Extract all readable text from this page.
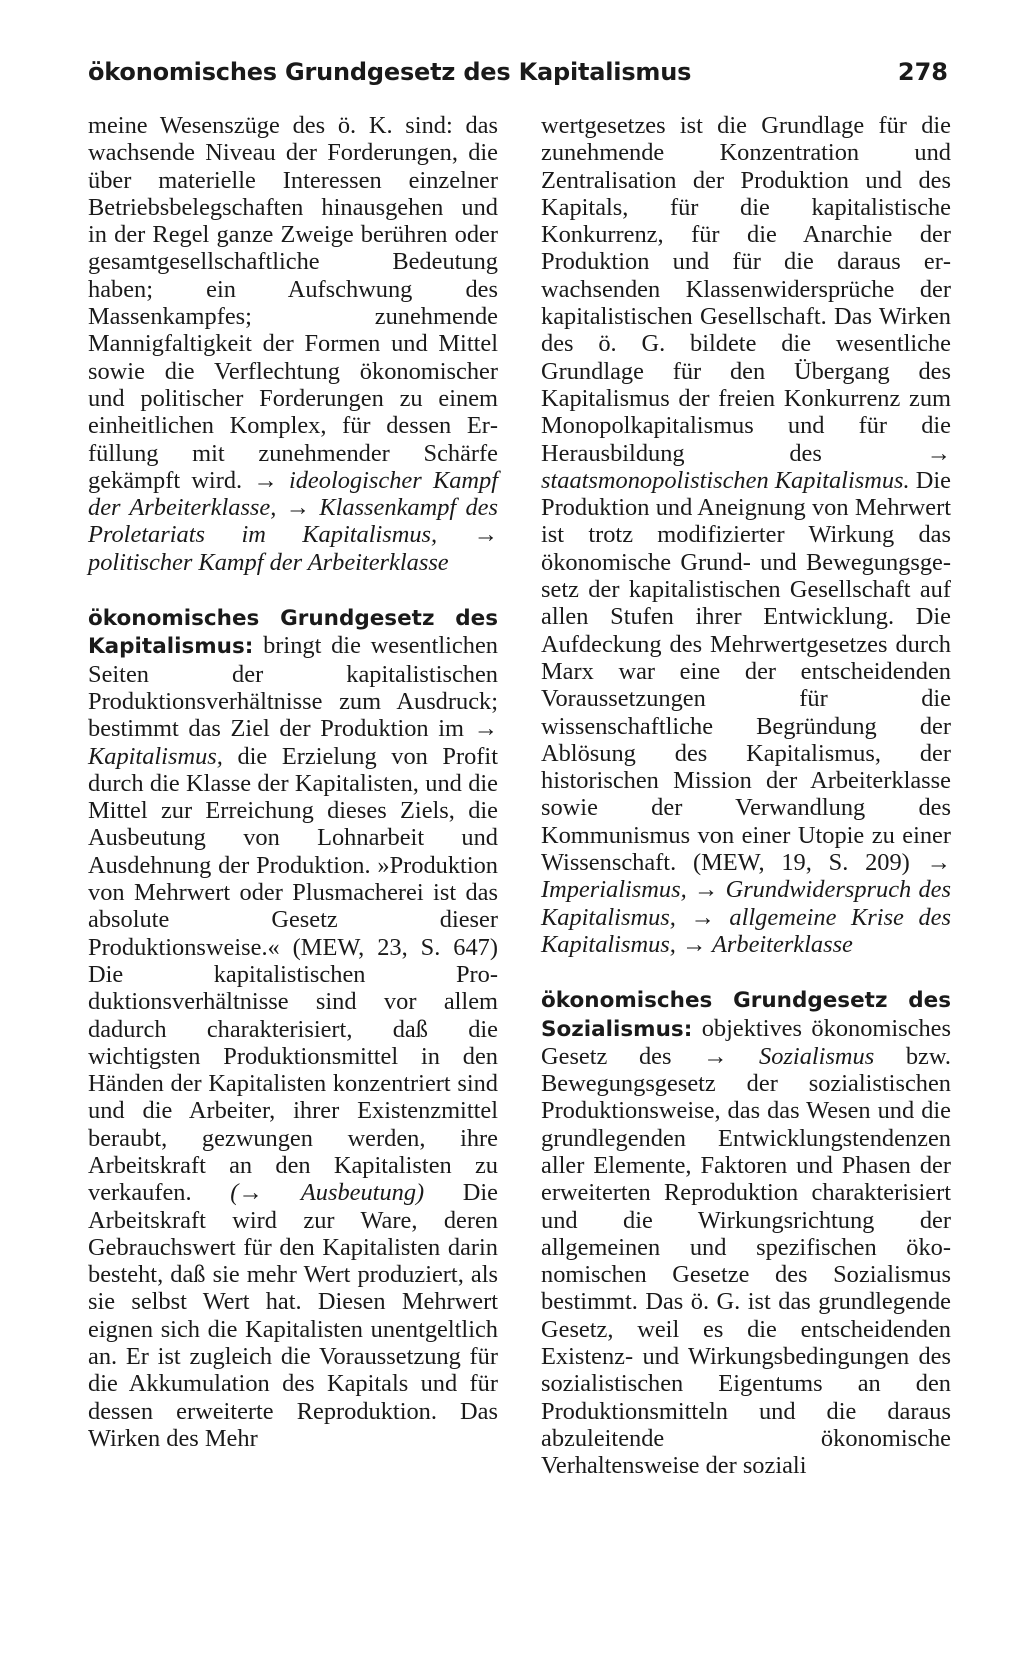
ökonomisches Grundgesetz des Kapitalismus	278

meine Wesenszüge des ö. K. sind: das wachsende Niveau der Forderungen, die über materielle Interessen einzelner Betriebsbelegschaften hinausgehen und in der Regel ganze Zweige berühren oder gesamtgesellschaftliche Bedeutung haben; ein Aufschwung des Massenkampfes; zunehmende Mannigfaltigkeit der Formen und Mittel sowie die Verflechtung ökonomischer und politischer Forderungen zu einem einheitlichen Komplex, für dessen Erfüllung mit zunehmender Schärfe gekämpft wird. → ideologischer Kampf der Arbeiterklasse, → Klassenkampf des Proletariats im Kapitalismus, → politischer Kampf der Arbeiterklasse

ökonomisches Grundgesetz des Kapitalismus: bringt die wesentlichen Seiten der kapitalistischen Produktionsverhältnisse zum Ausdruck; bestimmt das Ziel der Produktion im → Kapitalismus, die Erzielung von Profit durch die Klasse der Kapitalisten, und die Mittel zur Erreichung dieses Ziels, die Ausbeutung von Lohnarbeit und Ausdehnung der Produktion. »Produktion von Mehrwert oder Plusmacherei ist das absolute Gesetz dieser Produktionsweise.« (MEW, 23, S. 647) Die kapitalistischen Produktionsverhältnisse sind vor allem dadurch charakterisiert, daß die wichtigsten Produktionsmittel in den Händen der Kapitalisten konzentriert sind und die Arbeiter, ihrer Existenzmittel beraubt, gezwungen werden, ihre Arbeitskraft an den Kapitalisten zu verkaufen. (→ Ausbeutung) Die Arbeitskraft wird zur Ware, deren Gebrauchswert für den Kapitalisten darin besteht, daß sie mehr Wert produziert, als sie selbst Wert hat. Diesen Mehrwert eignen sich die Kapitalisten unentgeltlich an. Er ist zugleich die Voraussetzung für die Akkumulation des Kapitals und für dessen erweiterte Reproduktion. Das Wirken des Mehr

wertgesetzes ist die Grundlage für die zunehmende Konzentration und Zentralisation der Produktion und des Kapitals, für die kapitalistische Konkurrenz, für die Anarchie der Produktion und für die daraus erwachsenden Klassenwidersprüche der kapitalistischen Gesellschaft. Das Wirken des ö. G. bildete die wesentliche Grundlage für den Übergang des Kapitalismus der freien Konkurrenz zum Monopolkapitalismus und für die Herausbildung des	→ staatsmonopolistischen Kapitalismus. Die Produktion und Aneignung von Mehrwert ist trotz modifizierter Wirkung das ökonomische Grund- und Bewegungsgesetz der kapitalistischen Gesellschaft auf allen Stufen ihrer Entwicklung. Die Aufdeckung des Mehrwertgesetzes durch Marx war eine der entscheidenden Voraussetzungen für die wissenschaftliche Begründung der Ablösung des Kapitalismus, der historischen Mission der Arbeiterklasse sowie der Verwandlung des Kommunismus von einer Utopie zu einer Wissenschaft. (MEW, 19, S. 209) → Imperialismus, → Grundwiderspruch des Kapitalismus, → allgemeine Krise des Kapitalismus, → Arbeiterklasse

ökonomisches Grundgesetz des Sozialismus: objektives ökonomisches Gesetz des → Sozialismus bzw. Bewegungsgesetz der sozialistischen Produktionsweise, das das Wesen und die grundlegenden Entwicklungstendenzen aller Elemente, Faktoren und Phasen der erweiterten Reproduktion charakterisiert und die Wirkungsrichtung der allgemeinen und spezifischen ökonomischen Gesetze des Sozialismus bestimmt. Das ö. G. ist das grundlegende Gesetz, weil es die entscheidenden Existenz- und Wirkungsbedingungen des sozialistischen Eigentums an den Produktionsmitteln und die daraus abzuleitende ökonomische Verhaltensweise der soziali
